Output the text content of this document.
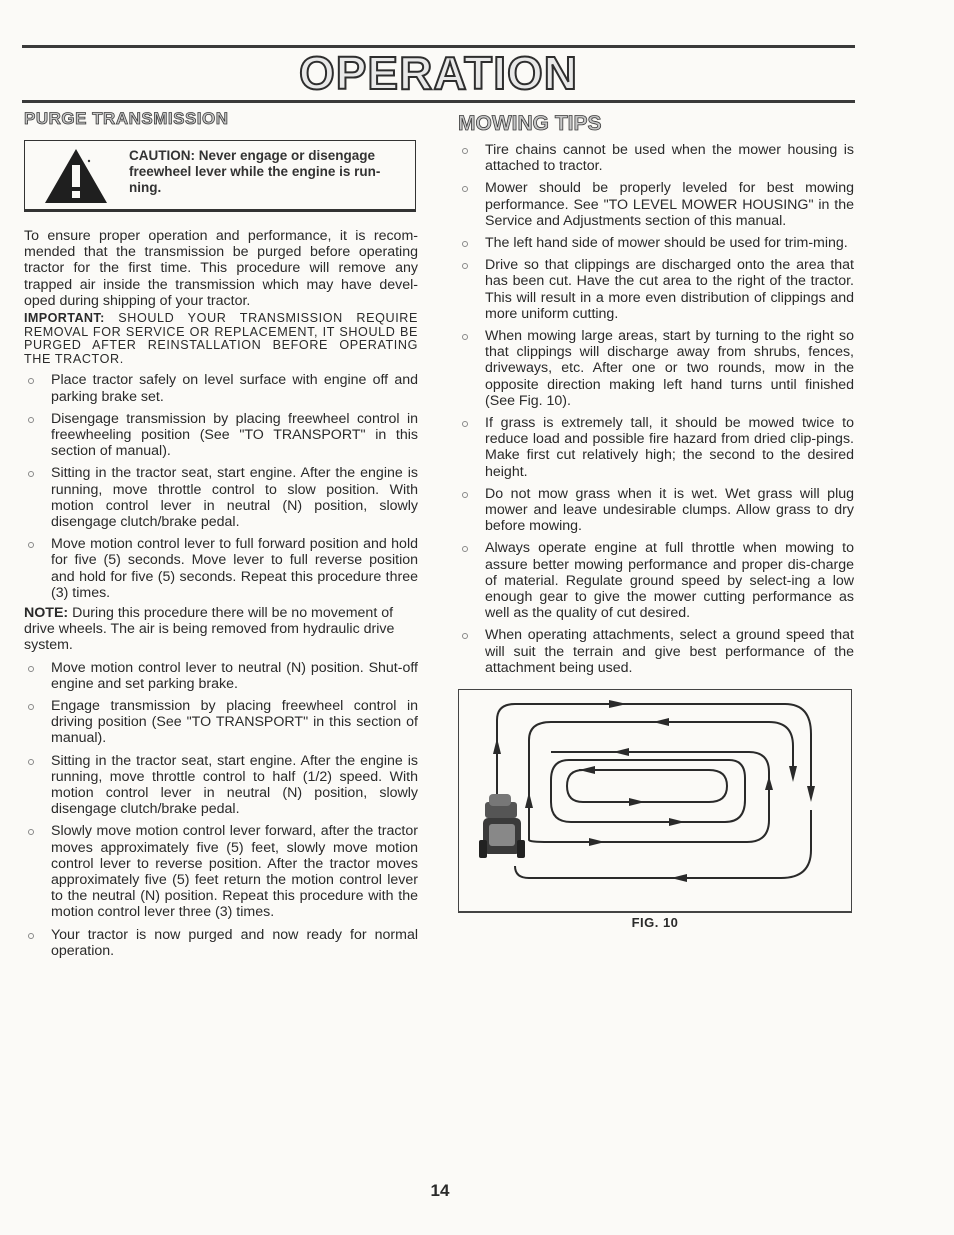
OPERATION
PURGE TRANSMISSION
CAUTION: Never engage or disengage freewheel lever while the engine is run-ning.

To ensure proper operation and performance, it is recom-mended that the transmission be purged before operating tractor for the first time. This procedure will remove any trapped air inside the transmission which may have devel-oped during shipping of your tractor.

IMPORTANT: SHOULD YOUR TRANSMISSION REQUIRE REMOVAL FOR SERVICE OR REPLACEMENT, IT SHOULD BE PURGED AFTER REINSTALLATION BEFORE OPERATING THE TRACTOR.

Place tractor safely on level surface with engine off and parking brake set.
Disengage transmission by placing freewheel control in freewheeling position (See "TO TRANSPORT" in this section of manual).
Sitting in the tractor seat, start engine. After the engine is running, move throttle control to slow position. With motion control lever in neutral (N) position, slowly disengage clutch/brake pedal.
Move motion control lever to full forward position and hold for five (5) seconds. Move lever to full reverse position and hold for five (5) seconds. Repeat this procedure three (3) times.

NOTE: During this procedure there will be no movement of drive wheels. The air is being removed from hydraulic drive system.

Move motion control lever to neutral (N) position. Shut-off engine and set parking brake.
Engage transmission by placing freewheel control in driving position (See "TO TRANSPORT" in this section of manual).
Sitting in the tractor seat, start engine. After the engine is running, move throttle control to half (1/2) speed. With motion control lever in neutral (N) position, slowly disengage clutch/brake pedal.
Slowly move motion control lever forward, after the tractor moves approximately five (5) feet, slowly move motion control lever to reverse position. After the tractor moves approximately five (5) feet return the motion control lever to the neutral (N) position. Repeat this procedure with the motion control lever three (3) times.
Your tractor is now purged and now ready for normal operation.
MOWING TIPS
Tire chains cannot be used when the mower housing is attached to tractor.
Mower should be properly leveled for best mowing performance. See "TO LEVEL MOWER HOUSING" in the Service and Adjustments section of this manual.
The left hand side of mower should be used for trim-ming.
Drive so that clippings are discharged onto the area that has been cut. Have the cut area to the right of the tractor. This will result in a more even distribution of clippings and more uniform cutting.
When mowing large areas, start by turning to the right so that clippings will discharge away from shrubs, fences, driveways, etc. After one or two rounds, mow in the opposite direction making left hand turns until finished (See Fig. 10).
If grass is extremely tall, it should be mowed twice to reduce load and possible fire hazard from dried clip-pings. Make first cut relatively high; the second to the desired height.
Do not mow grass when it is wet. Wet grass will plug mower and leave undesirable clumps. Allow grass to dry before mowing.
Always operate engine at full throttle when mowing to assure better mowing performance and proper dis-charge of material. Regulate ground speed by select-ing a low enough gear to give the mower cutting performance as well as the quality of cut desired.
When operating attachments, select a ground speed that will suit the terrain and give best performance of the attachment being used.
FIG. 10
14
